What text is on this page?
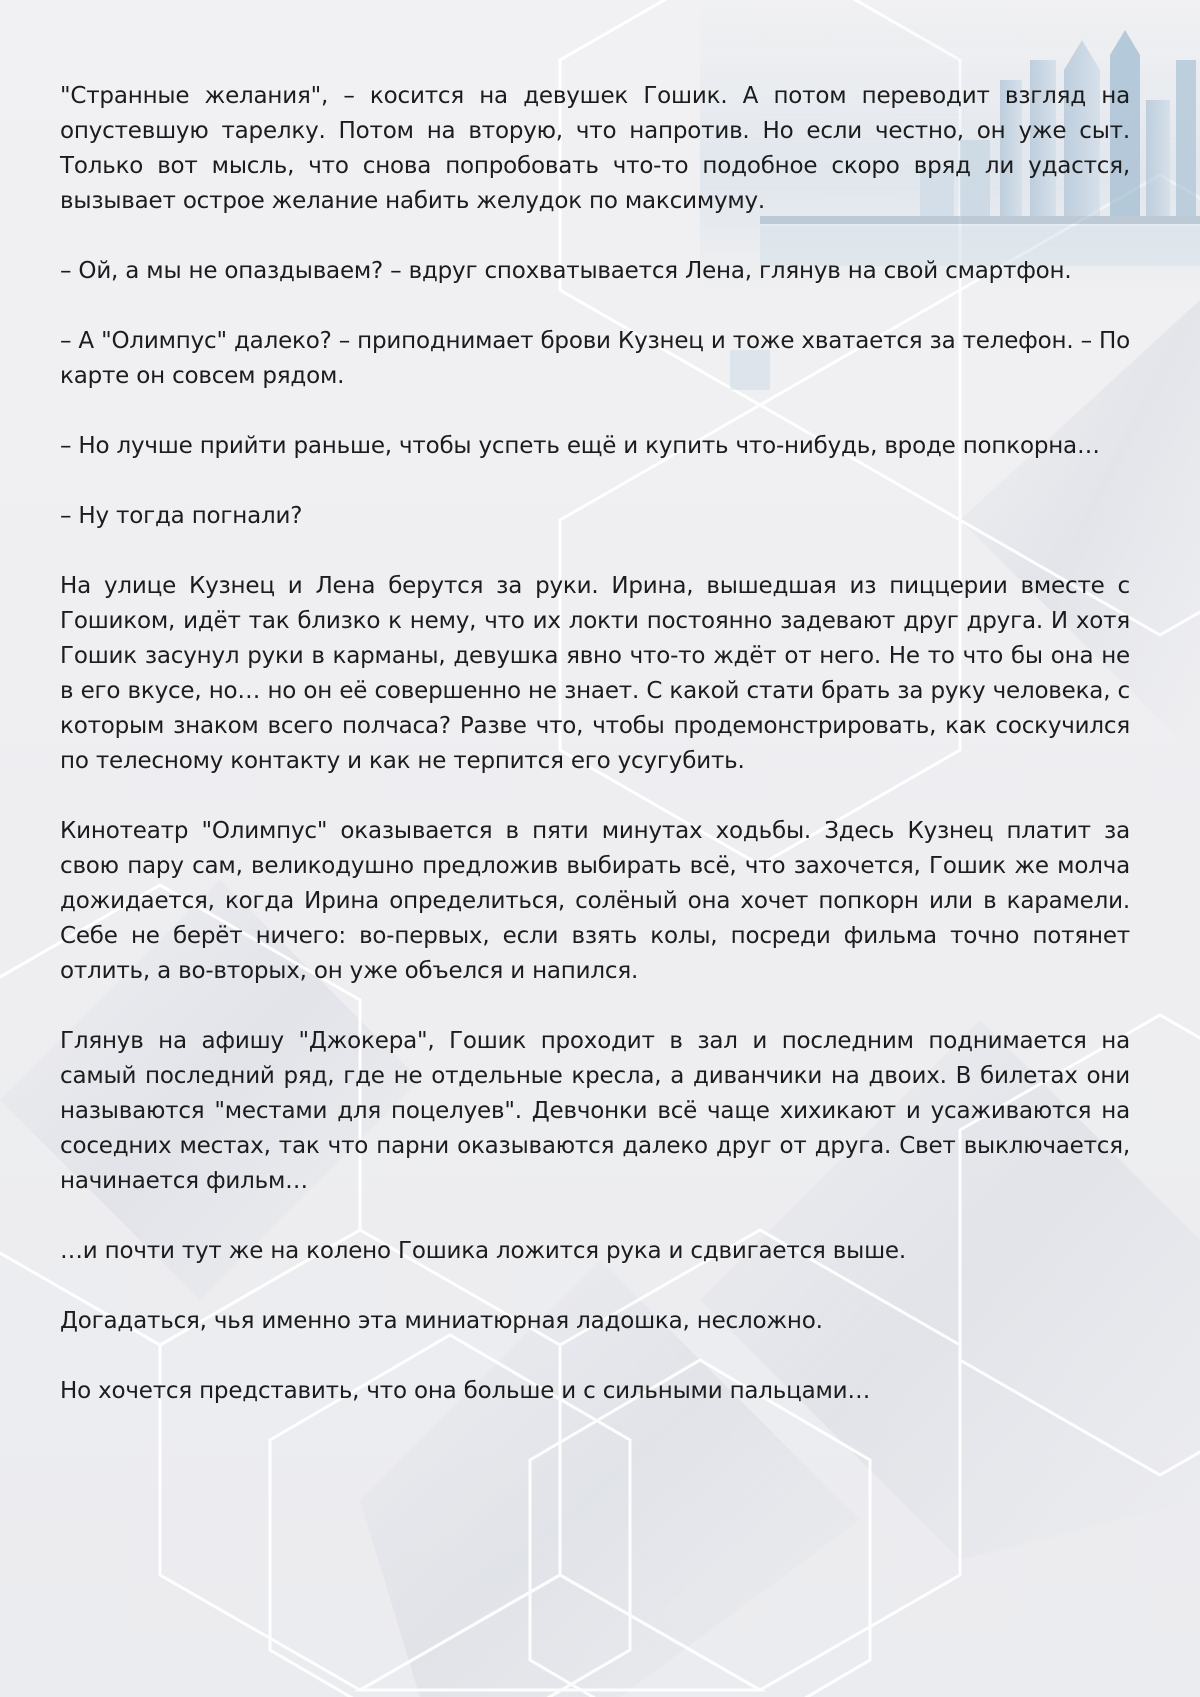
"Странные желания", – косится на девушек Гошик. А потом переводит взгляд на опустевшую тарелку. Потом на вторую, что напротив. Но если честно, он уже сыт. Только вот мысль, что снова попробовать что-то подобное скоро вряд ли удастся, вызывает острое желание набить желудок по максимуму.

– Ой, а мы не опаздываем? – вдруг спохватывается Лена, глянув на свой смартфон.

– А "Олимпус" далеко? – приподнимает брови Кузнец и тоже хватается за телефон. – По карте он совсем рядом.

– Но лучше прийти раньше, чтобы успеть ещё и купить что-нибудь, вроде попкорна…

– Ну тогда погнали?

На улице Кузнец и Лена берутся за руки. Ирина, вышедшая из пиццерии вместе с Гошиком, идёт так близко к нему, что их локти постоянно задевают друг друга. И хотя Гошик засунул руки в карманы, девушка явно что-то ждёт от него. Не то что бы она не в его вкусе, но… но он её совершенно не знает. С какой стати брать за руку человека, с которым знаком всего полчаса? Разве что, чтобы продемонстрировать, как соскучился по телесному контакту и как не терпится его усугубить.

Кинотеатр "Олимпус" оказывается в пяти минутах ходьбы. Здесь Кузнец платит за свою пару сам, великодушно предложив выбирать всё, что захочется, Гошик же молча дожидается, когда Ирина определиться, солёный она хочет попкорн или в карамели. Себе не берёт ничего: во-первых, если взять колы, посреди фильма точно потянет отлить, а во-вторых, он уже объелся и напился.

Глянув на афишу "Джокера", Гошик проходит в зал и последним поднимается на самый последний ряд, где не отдельные кресла, а диванчики на двоих. В билетах они называются "местами для поцелуев". Девчонки всё чаще хихикают и усаживаются на соседних местах, так что парни оказываются далеко друг от друга. Свет выключается, начинается фильм…

…и почти тут же на колено Гошика ложится рука и сдвигается выше.

Догадаться, чья именно эта миниатюрная ладошка, несложно.

Но хочется представить, что она больше и с сильными пальцами…
